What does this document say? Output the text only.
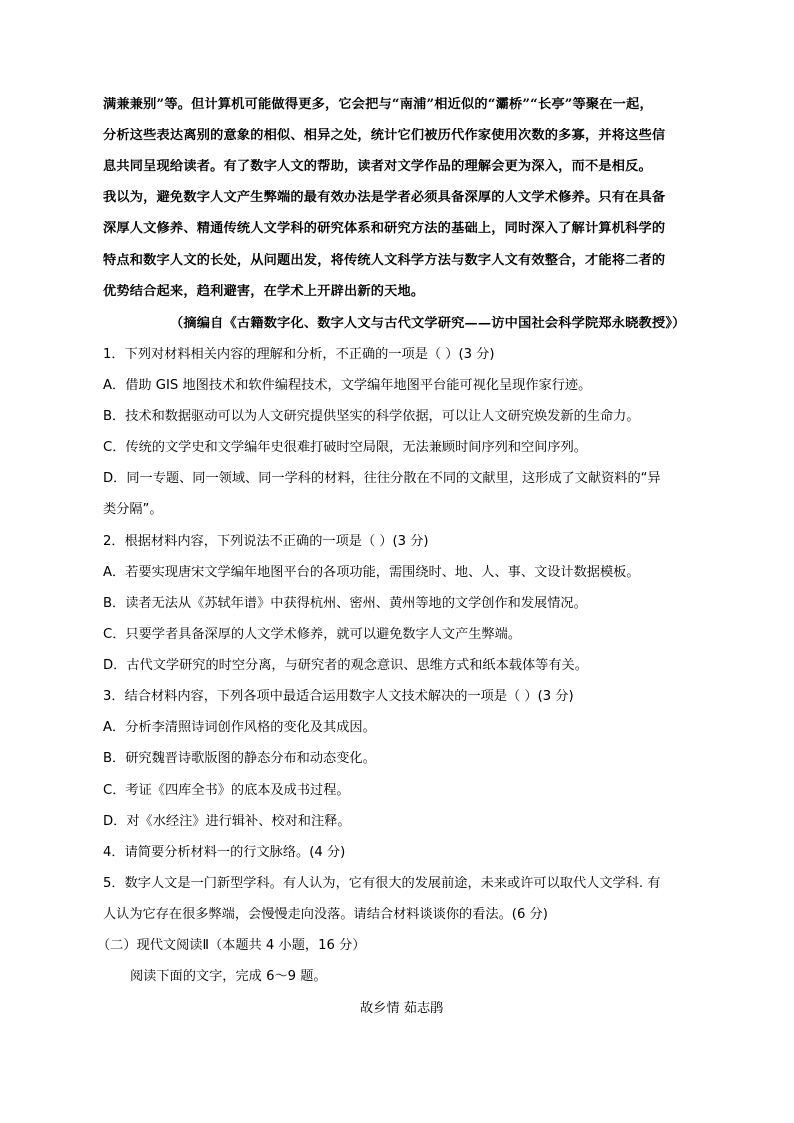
满兼兼别”等。但计算机可能做得更多，它会把与“南浦”相近似的“灞桥”“长亭”等聚在一起，
分析这些表达离别的意象的相似、相异之处，统计它们被历代作家使用次数的多寡，并将这些信
息共同呈现给读者。有了数字人文的帮助，读者对文学作品的理解会更为深入，而不是相反。
我以为，避免数字人文产生弊端的最有效办法是学者必须具备深厚的人文学术修养。只有在具备
深厚人文修养、精通传统人文学科的研究体系和研究方法的基础上，同时深入了解计算机科学的
特点和数字人文的长处，从问题出发，将传统人文科学方法与数字人文有效整合，才能将二者的
优势结合起来，趋利避害，在学术上开辟出新的天地。
（摘编自《古籍数字化、数字人文与古代文学研究——访中国社会科学院郑永晓教授》）
1．下列对材料相关内容的理解和分析，不正确的一项是（ ）(3 分)
A．借助 GIS 地图技术和软件编程技术，文学编年地图平台能可视化呈现作家行迹。
B．技术和数据驱动可以为人文研究提供坚实的科学依据，可以让人文研究焕发新的生命力。
C．传统的文学史和文学编年史很难打破时空局限，无法兼顾时间序列和空间序列。
D．同一专题、同一领域、同一学科的材料，往往分散在不同的文献里，这形成了文献资料的“异
类分隔”。
2．根据材料内容，下列说法不正确的一项是（ ）(3 分)
A．若要实现唐宋文学编年地图平台的各项功能，需围绕时、地、人、事、文设计数据模板。
B．读者无法从《苏轼年谱》中获得杭州、密州、黄州等地的文学创作和发展情况。
C．只要学者具备深厚的人文学术修养，就可以避免数字人文产生弊端。
D．古代文学研究的时空分离，与研究者的观念意识、思维方式和纸本载体等有关。
3．结合材料内容，下列各项中最适合运用数字人文技术解决的一项是（ ）(3 分)
A．分析李清照诗词创作风格的变化及其成因。
B．研究魏晋诗歌版图的静态分布和动态变化。
C．考证《四库全书》的底本及成书过程。
D．对《水经注》进行辑补、校对和注释。
4．请简要分析材料一的行文脉络。(4 分)
5．数字人文是一门新型学科。有人认为，它有很大的发展前途，未来或许可以取代人文学科. 有
人认为它存在很多弊端，会慢慢走向没落。请结合材料谈谈你的看法。(6 分)
（二）现代文阅读Ⅱ（本题共 4 小题，16 分）
阅读下面的文字，完成 6～9 题。
故乡情 茹志鹃
